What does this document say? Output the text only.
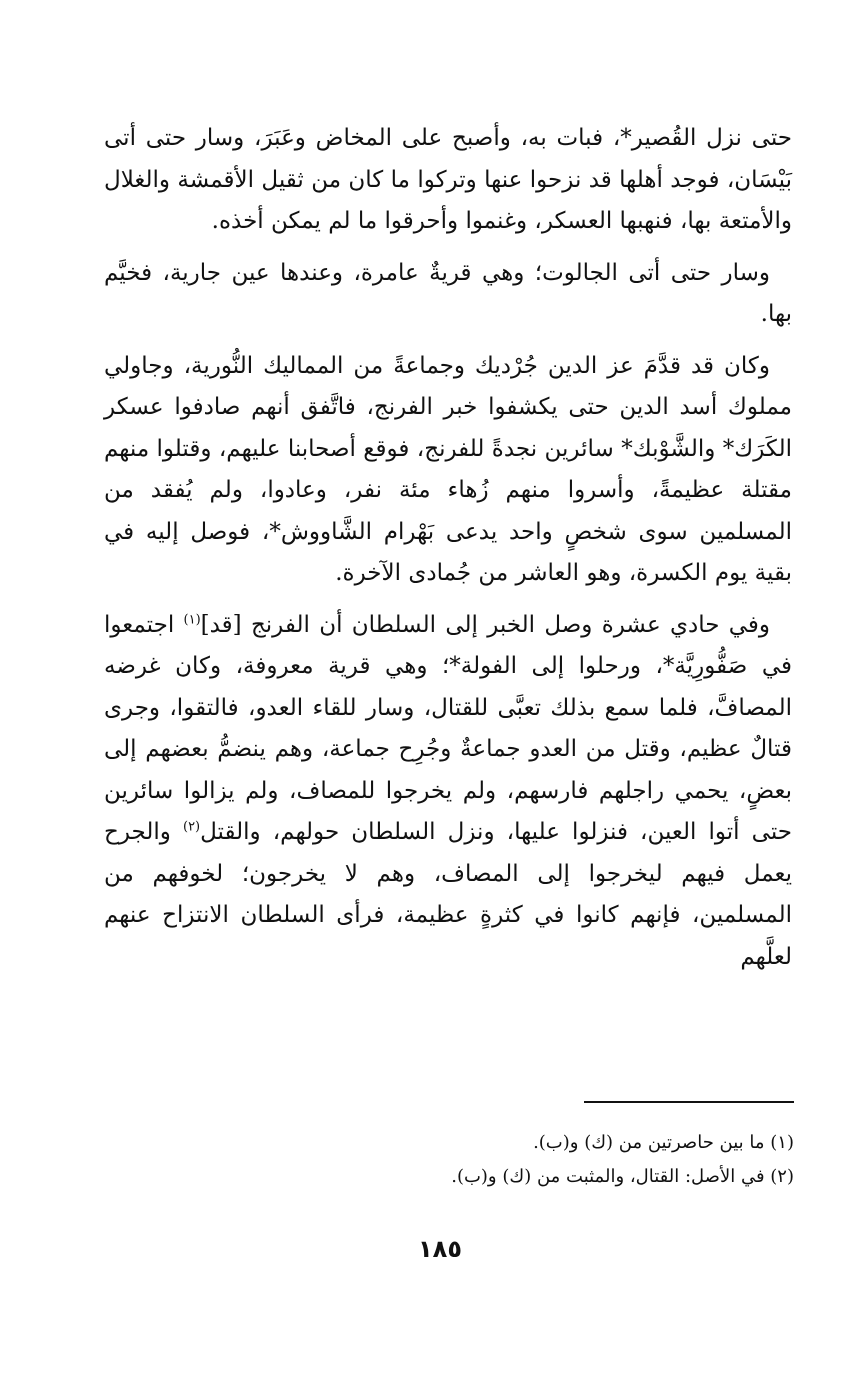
حتى نزل القُصير*، فبات به، وأصبح على المخاض وعَبَرَ، وسار حتى أتى بَيْسَان، فوجد أهلها قد نزحوا عنها وتركوا ما كان من ثقيل الأقمشة والغلال والأمتعة بها، فنهبها العسكر، وغنموا وأحرقوا ما لم يمكن أخذه.

وسار حتى أتى الجالوت؛ وهي قريةٌ عامرة، وعندها عين جارية، فخيَّم بها.

وكان قد قدَّمَ عز الدين جُرْديك وجماعةً من المماليك النُّورية، وجاولي مملوك أسد الدين حتى يكشفوا خبر الفرنج، فاتَّفق أنهم صادفوا عسكر الكَرَك* والشَّوْبك* سائرين نجدةً للفرنج، فوقع أصحابنا عليهم، وقتلوا منهم مقتلة عظيمةً، وأسروا منهم زُهاء مئة نفر، وعادوا، ولم يُفقد من المسلمين سوى شخصٍ واحد يدعى بَهْرام الشَّاووش*، فوصل إليه في بقية يوم الكسرة، وهو العاشر من جُمادى الآخرة.

وفي حادي عشرة وصل الخبر إلى السلطان أن الفرنج [قد]$^{(١)}$ اجتمعوا في صَفُّورِيَّة*، ورحلوا إلى الفولة*؛ وهي قرية معروفة، وكان غرضه المصافَّ، فلما سمع بذلك تعبَّى للقتال، وسار للقاء العدو، فالتقوا، وجرى قتالٌ عظيم، وقتل من العدو جماعةٌ وجُرِح جماعة، وهم ينضمُّ بعضهم إلى بعضٍ، يحمي راجلهم فارسهم، ولم يخرجوا للمصاف، ولم يزالوا سائرين حتى أتوا العين، فنزلوا عليها، ونزل السلطان حولهم، والقتل$^{(٢)}$ والجرح يعمل فيهم ليخرجوا إلى المصاف، وهم لا يخرجون؛ لخوفهم من المسلمين، فإنهم كانوا في كثرةٍ عظيمة، فرأى السلطان الانتزاح عنهم لعلَّهم

(١) ما بين حاصرتين من (ك) و(ب).
(٢) في الأصل: القتال، والمثبت من (ك) و(ب).
١٨٥
